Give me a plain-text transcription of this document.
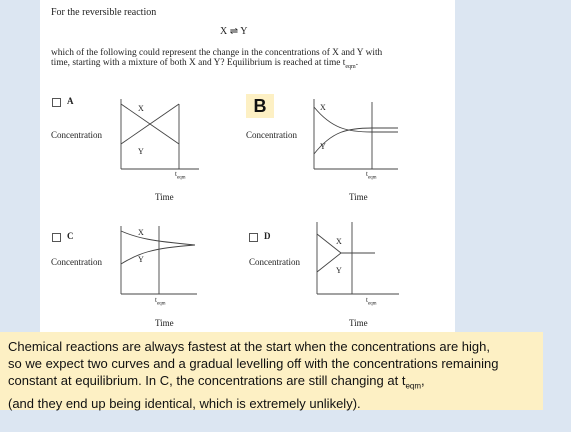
For the reversible reaction
X ⇌ Y
which of the following could represent the change in the concentrations of X and Y with
time, starting with a mixture of both X and Y? Equilibrium is reached at time $t_{eqm}$.
A
Concentration
X
Y
$t_{eqm}$
Time
B
Concentration
X
Y
$t_{eqm}$
Time
C
Concentration
X
Y
$t_{eqm}$
Time
D
Concentration
X
Y
$t_{eqm}$
Time
Chemical reactions are always fastest at the start when the concentrations are high,
so we expect two curves and a gradual levelling off with the concentrations remaining
constant at equilibrium. In C, the concentrations are still changing at $t_{eqm}$,
(and they end up being identical, which is extremely unlikely).
